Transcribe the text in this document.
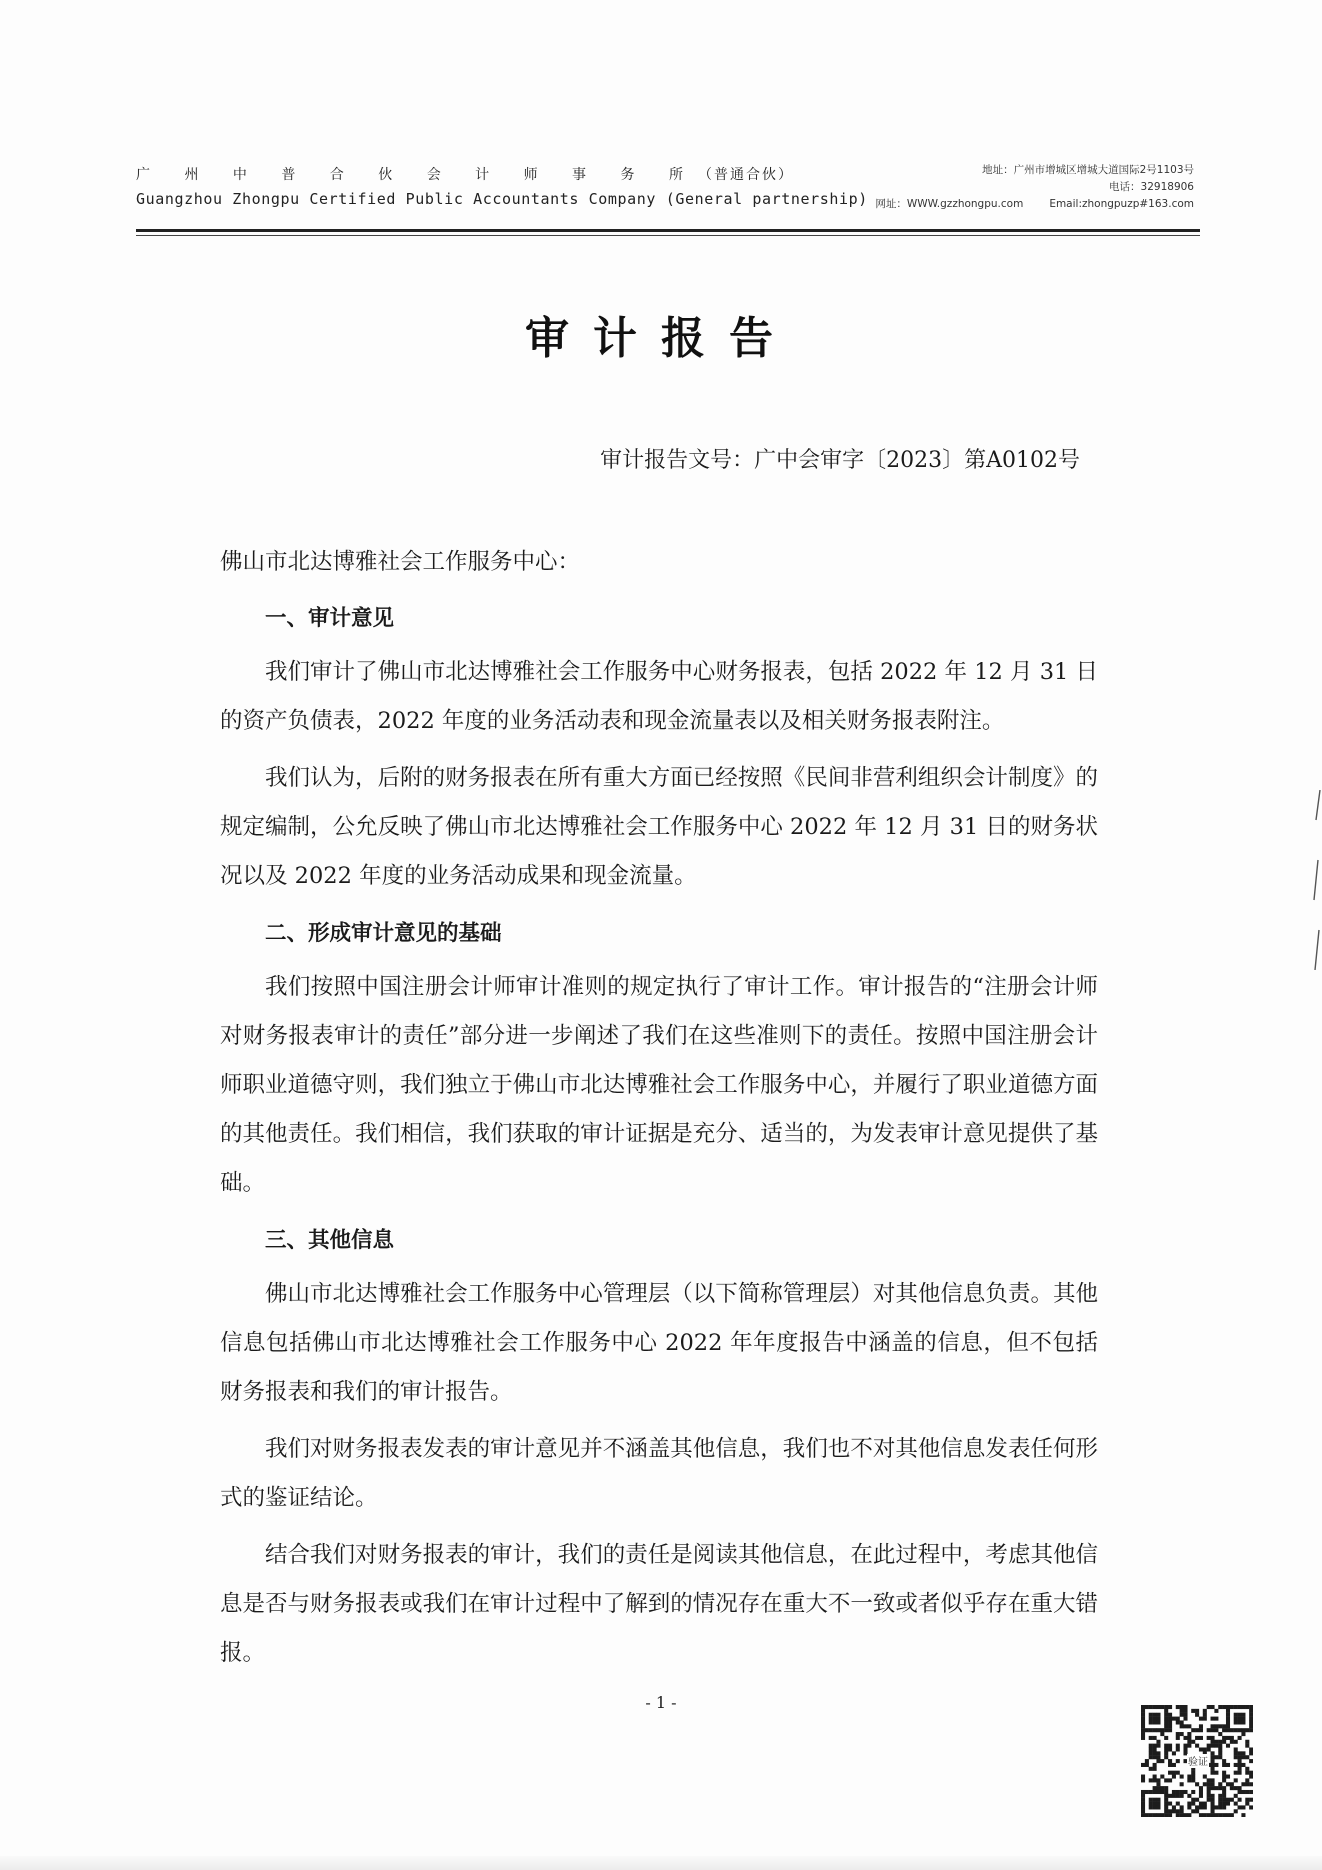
广 州 中 普 合 伙 会 计 师 事 务 所（普通合伙）
Guangzhou Zhongpu Certified Public Accountants Company (General partnership)
地址：广州市增城区增城大道国际2号1103号
电话：32918906
网址：WWW.gzzhongpu.com Email:zhongpuzp#163.com
审计报告
审计报告文号：广中会审字〔2023〕第A0102号
佛山市北达博雅社会工作服务中心：
一、审计意见
我们审计了佛山市北达博雅社会工作服务中心财务报表，包括 2022 年 12 月 31 日的资产负债表，2022 年度的业务活动表和现金流量表以及相关财务报表附注。
我们认为，后附的财务报表在所有重大方面已经按照《民间非营利组织会计制度》的规定编制，公允反映了佛山市北达博雅社会工作服务中心 2022 年 12 月 31 日的财务状况以及 2022 年度的业务活动成果和现金流量。
二、形成审计意见的基础
我们按照中国注册会计师审计准则的规定执行了审计工作。审计报告的“注册会计师对财务报表审计的责任”部分进一步阐述了我们在这些准则下的责任。按照中国注册会计师职业道德守则，我们独立于佛山市北达博雅社会工作服务中心，并履行了职业道德方面的其他责任。我们相信，我们获取的审计证据是充分、适当的，为发表审计意见提供了基础。
三、其他信息
佛山市北达博雅社会工作服务中心管理层（以下简称管理层）对其他信息负责。其他信息包括佛山市北达博雅社会工作服务中心 2022 年年度报告中涵盖的信息，但不包括财务报表和我们的审计报告。
我们对财务报表发表的审计意见并不涵盖其他信息，我们也不对其他信息发表任何形式的鉴证结论。
结合我们对财务报表的审计，我们的责任是阅读其他信息，在此过程中，考虑其他信息是否与财务报表或我们在审计过程中了解到的情况存在重大不一致或者似乎存在重大错报。
- 1 -
验证
